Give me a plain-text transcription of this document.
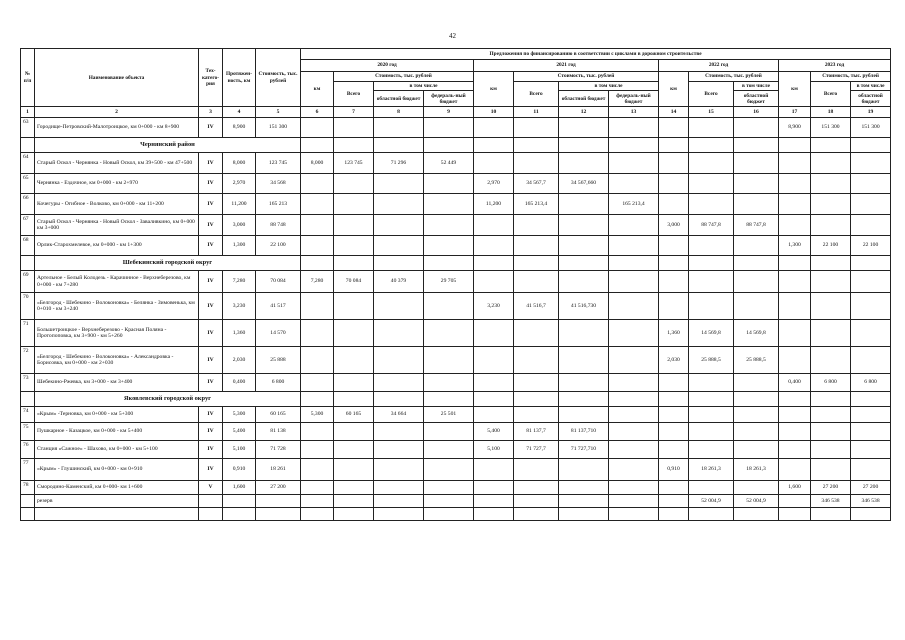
42
№ п/п	Наименование объекта	Тех-катего-рия	Протяжен-ность, км	Стоимость, тыс. рублей	Предложения по финансированию в соответствии с циклами в дорожном строительстве													
					2020 год				2021 год				2022 год			2023 год		
					км	Стоимость, тыс. рублей			км	Стоимость, тыс. рублей			км	Стоимость, тыс. рублей		км	Стоимость, тыс. рублей	
						Всего	в том числе			Всего	в том числе			Всего	в том числе		Всего	в том числе
							областной бюджет	федераль-ный бюджет			областной бюджет	федераль-ный бюджет			областной бюджет			областной бюджет
1	2	3	4	5	6	7	8	9	10	11	12	13	14	15	16	17	18	19
63	Городище-Петровский-Малотроицкое, км 0+000 - км 8+900	IV	8,900	151 300												8,900	151 300	151 300
	Чернянский район																	
64	Старый Оскол - Чернянка - Новый Оскол, км 39+500 - км 47+500	IV	8,000	123 745	8,000	123 745	71 296	52 449										
65	Чернянка - Ездочное, км 0+000 - км 2+970	IV	2,970	34 568					2,970	34 567,7	34 567,660							
66	Кочегуры - Огибное - Волково, км 0+000 - км 11+200	IV	11,200	165 213					11,200	165 213,4		165 213,4						
67	Старый Оскол - Чернянка - Новый Оскол - Заваливкино, км 0+000 км 3+000	IV	3,000	88 748									3,000	88 747,8	88 747,8			
68	Орлик-Старохмелевое, км 0+000 - км 1+300	IV	1,300	22 100												1,300	22 100	22 100
	Шебекинский городской округ																	
69	Артельное - Белый Колодезь - Карачинное - Верхнеберезово, км 0+000 - км 7+280	IV	7,280	70 084	7,280	70 084	40 379	29 705										
70	«Белгород - Шебекино - Волоконовка» - Белянка - Зимовенька, км 0+010 - км 3+240	IV	3,230	41 517					3,230	41 516,7	41 516,730							
71	Большетроицкое - Верхнеберезово - Красная Поляна - Протопоповка, км 3+900 - км 5+260	IV	1,360	14 570									1,360	14 569,8	14 569,8			
72	«Белгород - Шебекино - Волоконовка» - Александровка - Борисовка, км 0+000 - км 2+030	IV	2,030	25 888									2,030	25 888,5	25 888,5			
73	Шебекино-Ржевка, км 3+000 - км 3+400	IV	0,400	6 800												0,400	6 800	6 800
	Яковлевский городской округ																	
74	«Крым» -Терновка, км 0+000 - км 5+300	IV	5,300	60 165	5,300	60 165	34 664	25 501										
75	Пушкарное - Казацкое, км 0+000 - км 5+400	IV	5,400	81 138					5,400	81 137,7	81 137,710							
76	Станция «Сажное» - Шахово, км 0+000 - км 5+100	IV	5,100	71 728					5,100	71 727,7	71 727,710							
77	«Крым» - Глушинский, км 0+000 - км 0+910	IV	0,910	18 261									0,910	18 261,3	18 261,3			
78	Смородино-Каменский, км 0+000- км 1+600	V	1,600	27 200												1,600	27 200	27 200
	резерв													52 004,9	52 004,9		346 538	346 538
